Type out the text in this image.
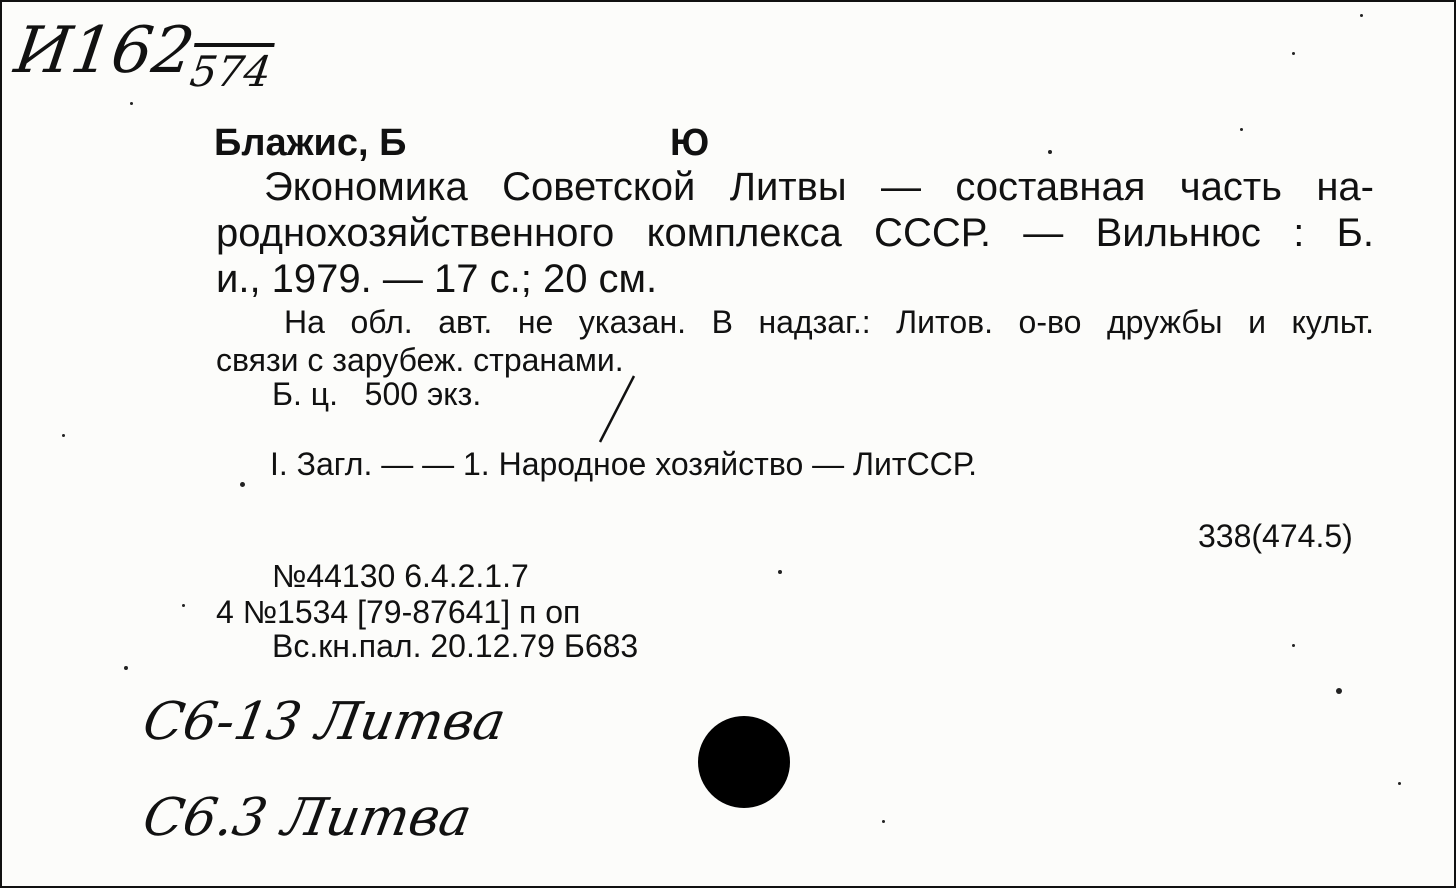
$И162_{574}$
Блажис, Б	Ю
Экономика Советской Литвы — составная часть на-
роднохозяйственного комплекса СССР. — Вильнюс : Б.
и., 1979. — 17 с.; 20 см.
На обл. авт. не указан. В надзаг.: Литов. о-во дружбы и культ.
связи с зарубеж. странами.
Б. ц.   500 экз.
I. Загл. — — 1. Народное хозяйство — ЛитССР.
338(474.5)
№44130 6.4.2.1.7
4 №1534 [79-87641] п оп
Вс.кн.пал. 20.12.79 Б683
С6-13 Литва
С6.3 Литва
